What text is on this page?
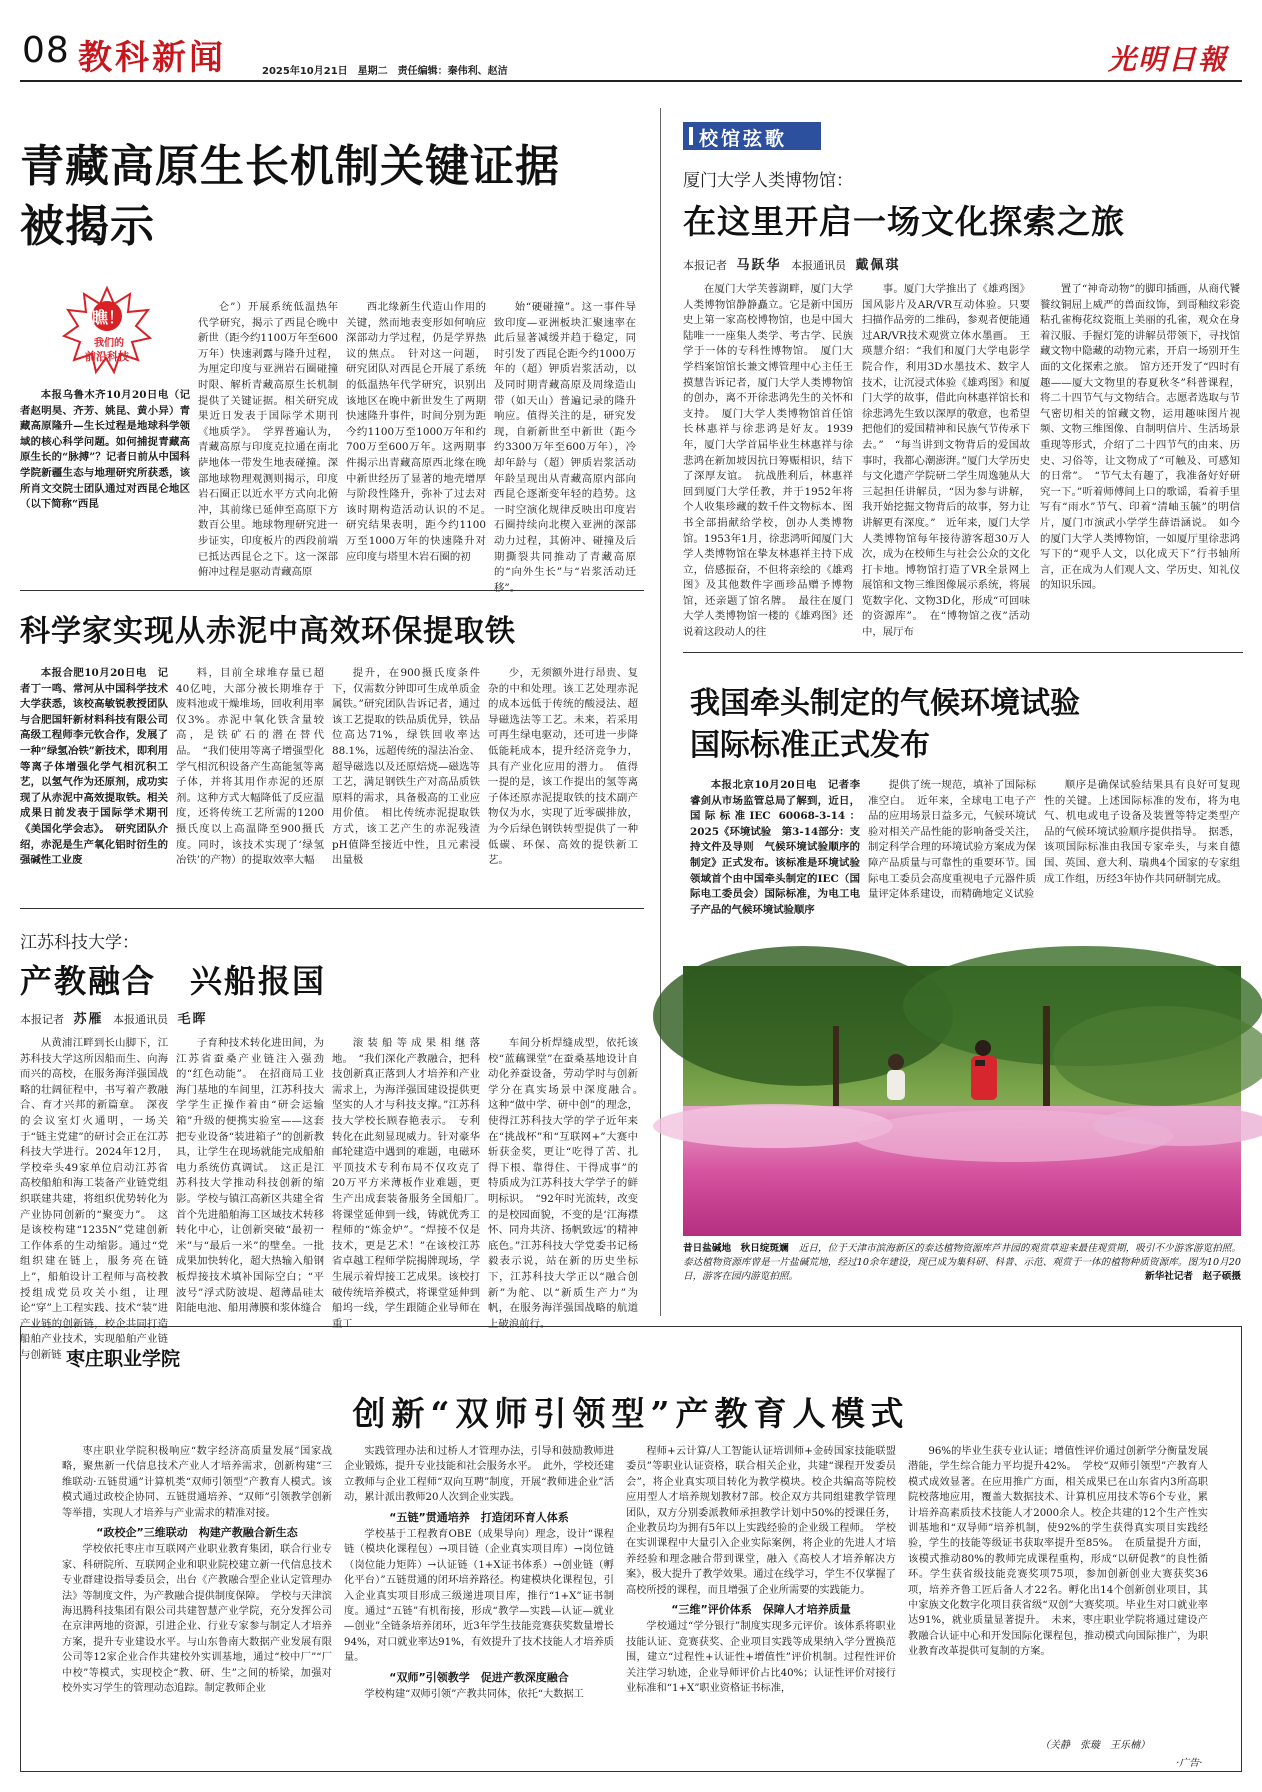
08 教科新闻	2025年10月21日　星期二　责任编辑：秦伟利、赵洁	光明日報
青藏高原生长机制关键证据
被揭示
瞧！
我们的
前沿科技

本报乌鲁木齐10月20日电（记者赵明昊、齐芳、姚昆、黄小异）青藏高原隆升—生长过程是地球科学领域的核心科学问题。如何捕捉青藏高原生长的“脉搏”？记者日前从中国科学院新疆生态与地理研究所获悉，该所肖文交院士团队通过对西昆仑地区（以下简称“西昆

仑”）开展系统低温热年代学研究，揭示了西昆仑晚中新世（距今约1100万年至600万年）快速剥露与隆升过程，为厘定印度与亚洲岩石圈碰撞时限、解析青藏高原生长机制提供了关键证据。相关研究成果近日发表于国际学术期刊《地质学》。　学界普遍认为，青藏高原与印度克拉通在南北萨地体一带发生地表碰撞。深部地球物理观测则揭示，印度岩石圈正以近水平方式向北俯冲，其前缘已延伸至高原下方数百公里。地球物理研究进一步证实，印度板片的西段前端已抵达西昆仑之下。这一深部俯冲过程是驱动青藏高原

西北缘新生代造山作用的关键，然而地表变形如何响应深部动力学过程，仍是学界热议的焦点。　针对这一问题，研究团队对西昆仑开展了系统的低温热年代学研究，识别出该地区在晚中新世发生了两期快速隆升事件，时间分别为距今约1100万至1000万年和约700万至600万年。这两期事件揭示出青藏高原西北缘在晚中新世经历了显著的地壳增厚与阶段性隆升，弥补了过去对该时期构造活动认识的不足。　研究结果表明，距今约1100万至1000万年的快速隆升对应印度与塔里木岩石圈的初

始“硬碰撞”。这一事件导致印度—亚洲板块汇聚速率在此后显著减缓并趋于稳定，同时引发了西昆仑距今约1000万年的（超）钾质岩浆活动，以及同时期青藏高原及周缘造山带（如天山）普遍记录的隆升响应。值得关注的是，研究发现，自新新世至中新世（距今约3300万年至600万年），冷却年龄与（超）钾质岩浆活动年龄呈现出从青藏高原内部向西昆仑逐渐变年轻的趋势。这一时空演化规律反映出印度岩石圈持续向北楔入亚洲的深部动力过程，其俯冲、碰撞及后期撕裂共同推动了青藏高原的“向外生长”与“岩浆活动迁移”。

校馆弦歌
厦门大学人类博物馆：
在这里开启一场文化探索之旅
本报记者 马跃华 本报通讯员 戴佩琪

在厦门大学芙蓉湖畔，厦门大学人类博物馆静静矗立。它是新中国历史上第一家高校博物馆，也是中国大陆唯一一座集人类学、考古学、民族学于一体的专科性博物馆。　厦门大学档案馆馆长兼文博管理中心主任王摸慧告诉记者，厦门大学人类博物馆的创办，离不开徐悲鸿先生的关怀和支持。　厦门大学人类博物馆首任馆长林惠祥与徐悲鸿是好友。1939年，厦门大学首届毕业生林惠祥与徐悲鸿在新加坡因抗日筹赈相识，结下了深厚友谊。　抗战胜利后，林惠祥回到厦门大学任教，并于1952年将个人收集珍藏的数千件文物标本、图书全部捐献给学校，创办人类博物馆。1953年1月，徐悲鸿听闻厦门大学人类博物馆在挚友林惠祥主持下成立，倍感振奋，不但将亲绘的《雄鸡图》及其他数件字画珍品赠予博物馆，还亲题了馆名牌。　最往在厦门大学人类博物馆一楼的《雄鸡图》还说着这段动人的往

事。厦门大学推出了《雄鸡图》国风影片及AR/VR互动体验。只要扫描作品旁的二维码，参观者便能通过AR/VR技术观赏立体水墨画。　王瑛慧介绍：“我们和厦门大学电影学院合作，利用3D水墨技术、数字人技术，让沉浸式体验《雄鸡图》和厦门大学的故事，借此向林惠祥馆长和徐悲鸿先生致以深厚的敬意，也希望把他们的爱国精神和民族气节传承下去。”　“每当讲到文物背后的爱国故事时，我都心潮澎湃。”厦门大学历史与文化遗产学院研二学生周逸驰从大三起担任讲解员，“因为参与讲解，我开始挖掘文物背后的故事，努力让讲解更有深度。”　近年来，厦门大学人类博物馆每年接待游客超30万人次，成为在校师生与社会公众的文化打卡地。博物馆打造了VR全景网上展馆和文物三维图像展示系统，将展览数字化、文物3D化，形成“可回味的资源库”。　在“博物馆之夜”活动中，展厅布

置了“神奇动物”的脚印插画，从商代饕餮纹铜屈上威严的兽面纹饰，到哥釉纹彩瓷粘孔雀梅花纹瓷瓶上美丽的孔雀，观众在身着汉服、手握灯笼的讲解员带领下，寻找馆藏文物中隐藏的动物元素，开启一场别开生面的文化探索之旅。　馆方还开发了“四时有趣——厦大文物里的春夏秋冬”科普课程，将二十四节气与文物结合。志愿者选取与节气密切相关的馆藏文物，运用趣味图片视频、文物三维图像、自制明信片、生活场景重现等形式，介绍了二十四节气的由来、历史、习俗等，让文物成了“可触及、可感知的日常”。　“节气太有趣了，我准备好好研究一下。”听着师傅间上口的歌谣，看着手里写有“雨水”节气、印着“清岫玉毓”的明信片，厦门市演武小学学生薛语涵说。　如今的厦门大学人类博物馆，一如厦厅里徐悲鸿写下的“观乎人文，以化成天下”行书轴所言，正在成为人们观人文、学历史、知礼仪的知识乐园。

科学家实现从赤泥中高效环保提取铁

本报合肥10月20日电　记者丁一鸣、常河从中国科学技术大学获悉，该校高敏锐教授团队与合肥国轩新材料科技有限公司高级工程师李元钦合作，发展了一种“绿氢冶铁”新技术，即利用等离子体增强化学气相沉积工艺，以氢气作为还原剂，成功实现了从赤泥中高效提取铁。相关成果日前发表于国际学术期刊《美国化学会志》。　研究团队介绍，赤泥是生产氧化铝时衍生的强碱性工业废

料，目前全球堆存量已超40亿吨，大部分被长期堆存于废料池或干燥堆场，回收利用率仅3%。赤泥中氧化铁含量较高，是铁矿石的潜在替代品。　“我们使用等离子增强型化学气相沉积设备产生高能氢等离子体，并将其用作赤泥的还原剂。这种方式大幅降低了反应温度，还将传统工艺所需的1200摄氏度以上高温降至900摄氏度。同时，该技术实现了‘绿氢冶铁’的产物）的提取效率大幅

提升，在900摄氏度条件下，仅需数分钟即可生成单质金属铁。”研究团队告诉记者，通过该工艺提取的铁品质优异，铁品位高达71%，绿铁回收率达88.1%，远超传统的湿法冶金、超导磁选以及还原焙烧—磁选等工艺，满足钢铁生产对高品质铁原料的需求，具备极高的工业应用价值。　相比传统赤泥提取铁方式，该工艺产生的赤泥残渣pH值降至接近中性，且元素浸出量极

少，无须额外进行昂贵、复杂的中和处理。该工艺处理赤泥的成本远低于传统的酸浸法、超导磁选法等工艺。未来，若采用可再生绿电驱动，还可进一步降低能耗成本，提升经济竞争力，具有产业化应用的潜力。　值得一提的是，该工作提出的氢等离子体还原赤泥提取铁的技术副产物仅为水，实现了近零碳排放，为今后绿色钢铁转型提供了一种低碳、环保、高效的提铁新工艺。

我国牵头制定的气候环境试验
国际标准正式发布

本报北京10月20日电　记者李睿剑从市场监管总局了解到，近日，国际标准IEC 60068-3-14：2025《环境试验　第3-14部分：支持文件及导则　气候环境试验顺序的制定》正式发布。该标准是环境试验领域首个由中国牵头制定的IEC（国际电工委员会）国际标准，为电工电子产品的气候环境试验顺序

提供了统一规范，填补了国际标准空白。　近年来，全球电工电子产品的应用场景日益多元，气候环境试验对相关产品性能的影响备受关注，制定科学合理的环境试验方案成为保障产品质量与可靠性的重要环节。国际电工委员会高度重视电子元器件质量评定体系建设，而精确地定义试验

顺序是确保试验结果具有良好可复现性的关键。上述国际标准的发布，将为电气、机电或电子设备及装置等特定类型产品的气候环境试验顺序提供指导。　据悉，该项国际标准由我国专家牵头，与来自德国、英国、意大利、瑞典4个国家的专家组成工作组，历经3年协作共同研制完成。

江苏科技大学：
产教融合　兴船报国
本报记者 苏雁 本报通讯员 毛晖

从黄浦江畔到长山脚下，江苏科技大学这所因船而生、向海而兴的高校，在服务海洋强国战略的壮阔征程中，书写着产教融合、育才兴邦的新篇章。　深夜的会议室灯火通明，一场关于“链主党建”的研讨会正在江苏科技大学进行。2024年12月，学校牵头49家单位启动江苏省高校船舶和海工装备产业链党组织联建共建，将组织优势转化为产业协同创新的“聚变力”。　这是该校构建“1235N”党建创新工作体系的生动缩影。通过“党组织建在链上，服务亮在链上”，船舶设计工程师与高校教授组成党员攻关小组，让理论“穿”上工程实践、技术“装”进产业链的创新链，校企共同打造船舶产业技术，实现船舶产业链与创新链

子育种技术转化进田间，为江苏省蚕桑产业链注入强劲的“红色动能”。　在招商局工业海门基地的车间里，江苏科技大学学生正操作着由“研会运输箱”升级的便携实验室——这套把专业设备“装进箱子”的创新教具，让学生在现场就能完成船舶电力系统仿真调试。　这正是江苏科技大学推动科技创新的缩影。学校与镇江高新区共建全省首个先进船舶海工区域技术转移转化中心，让创新突破“最初一米”与“最后一米”的壁垒。一批成果加快转化，超大热输入船钢板焊接技术填补国际空白；“平波号”浮式防波堤、超薄晶硅太阳能电池、船用薄膜和浆体缝合

滚装船等成果相继落地。　“我们深化产教融合，把科技创新真正落到人才培养和产业需求上，为海洋强国建设提供更坚实的人才与科技支撑。”江苏科技大学校长顾春艳表示。　专利转化在此刻显现威力。针对豪华邮轮建造中遇到的难题，电磁环平顶技术专利布局不仅攻克了20万平方米薄板作业难题，更生产出成套装备服务全国船厂。　将课堂延伸到一线，铸就优秀工程师的“炼金炉”。“焊接不仅是技术，更是艺术！”在该校江苏省卓越工程师学院揭牌现场，学生展示着焊接工艺成果。该校打破传统培养模式，将课堂延伸到船坞一线，学生跟随企业导师在重工

车间分析焊缝成型，依托该校“蓝藕课堂”在蚕桑基地设计自动化养蚕设备，劳动学时与创新学分在真实场景中深度融合。　这种“做中学、研中创”的理念，使得江苏科技大学的学子近年来在“挑战杯”和“互联网+”大赛中斩获金奖，更让“吃得了苦、扎得下根、靠得住、干得成事”的特质成为江苏科技大学学子的鲜明标识。　“92年时光流转，改变的是校园面貌，不变的是‘江海襟怀、同舟共济、扬帆致远’的精神底色。”江苏科技大学党委书记杨毅表示说，站在新的历史坐标下，江苏科技大学正以“融合创新”为舵、以“新质生产力”为帆，在服务海洋强国战略的航道上破浪前行。

昔日盐碱地　秋日绽斑斓 近日，位于天津市滨海新区的泰达植物资源库芦井园的观赏草迎来最佳观赏期，吸引不少游客游览拍照。泰达植物资源库曾是一片盐碱荒地，经过10余年建设，现已成为集科研、科普、示范、观赏于一体的植物种质资源库。图为10月20日，游客在园内游览拍照。	新华社记者　赵子硕摄
枣庄职业学院
创新“双师引领型”产教育人模式

枣庄职业学院积极响应“数字经济高质量发展”国家战略，聚焦新一代信息技术产业人才培养需求，创新构建“三维联动·五链贯通”计算机类“双师引领型”产教育人模式。该模式通过政校企协同、五链贯通培养、“双师”引领教学创新等举措，实现人才培养与产业需求的精准对接。

“政校企”三维联动　构建产教融合新生态

学校依托枣庄市互联网产业职业教育集团，联合行业专家、科研院所、互联网企业和职业院校建立新一代信息技术专业群建设指导委员会，出台《产教融合型企业认定管理办法》等制度文件，为产教融合提供制度保障。　学校与天津滨海迅腾科技集团有限公司共建智慧产业学院，充分发挥公司在京津两地的资源，引进企业、行业专家参与制定人才培养方案，提升专业建设水平。与山东鲁南大数据产业发展有限公司等12家企业合作共建校外实训基地，通过“校中厂”“厂中校”等模式，实现校企“教、研、生”之间的桥梁，加强对校外实习学生的管理动态追踪。制定教师企业

实践管理办法和过桥人才管理办法，引导和鼓励教师进企业锻炼，提升专业技能和社会服务水平。　此外，学校还建立教师与企业工程师“双向互聘”制度，开展“教师进企业”活动，累计派出教师20人次到企业实践。

“五链”贯通培养　打造闭环育人体系

学校基于工程教育OBE（成果导向）理念，设计“课程链（模块化课程包）→项目链（企业真实项目库）→岗位链（岗位能力矩阵）→认证链（1+X证书体系）→创业链（孵化平台）”五链贯通的闭环培养路径。构建模块化课程包，引入企业真实项目形成三级递进项目库，推行“1+X”证书制度。通过“五链”有机衔接，形成“教学—实践—认证—就业—创业”全链条培养闭环，近3年学生技能竞赛获奖数量增长94%，对口就业率达91%，有效提升了技术技能人才培养质量。

“双师”引领教学　促进产教深度融合

学校构建“双师引领”产教共同体，依托“大数据工

程师+云计算/人工智能认证培训师+金砖国家技能联盟委员”等职业认证资格，联合相关企业，共建“课程开发委员会”，将企业真实项目转化为教学模块。校企共编高等院校应用型人才培养规划教材7部。校企双方共同组建教学管理团队，双方分别委派教师承担教学计划中50%的授课任务，企业教员均为拥有5年以上实践经验的企业级工程师。　学校在实训课程中大量引入企业实际案例，将企业的先进人才培养经验和理念融合带到课堂，融入《高校人才培养解决方案》，极大提升了教学效果。通过在线学习，学生不仅掌握了高校所授的课程，而且增强了企业所需要的实践能力。

“三维”评价体系　保障人才培养质量

学校通过“学分银行”制度实现多元评价。该体系将职业技能认证、竞赛获奖、企业项目实践等成果纳入学分置换范围，建立“过程性+认证性+增值性”评价机制。过程性评价关注学习轨迹，企业导师评价占比40%；认证性评价对接行业标准和“1+X”职业资格证书标准，

96%的毕业生获专业认证；增值性评价通过创新学分衡量发展潜能，学生综合能力平均提升42%。　学校“双师引领型”产教育人模式成效显著。在应用推广方面，相关成果已在山东省内3所高职院校落地应用，覆盖大数据技术、计算机应用技术等6个专业，累计培养高素质技术技能人才2000余人。校企共建的12个生产性实训基地和“双导师”培养机制，使92%的学生获得真实项目实践经验，学生的技能等级证书获取率提升至85%。　在质量提升方面，该模式推动80%的教师完成课程重构，形成“以研促教”的良性循环。学生获省级技能竞赛奖项75项，参加创新创业大赛获奖36项，培养齐鲁工匠后备人才22名。孵化出14个创新创业项目，其中家族文化数字化项目获省级“双创”大赛奖项。毕业生对口就业率达91%，就业质量显著提升。　未来，枣庄职业学院将通过建设产教融合认证中心和开发国际化课程包，推动模式向国际推广，为职业教育改革提供可复制的方案。

（关静　张璇　王乐楠）
·广告·
